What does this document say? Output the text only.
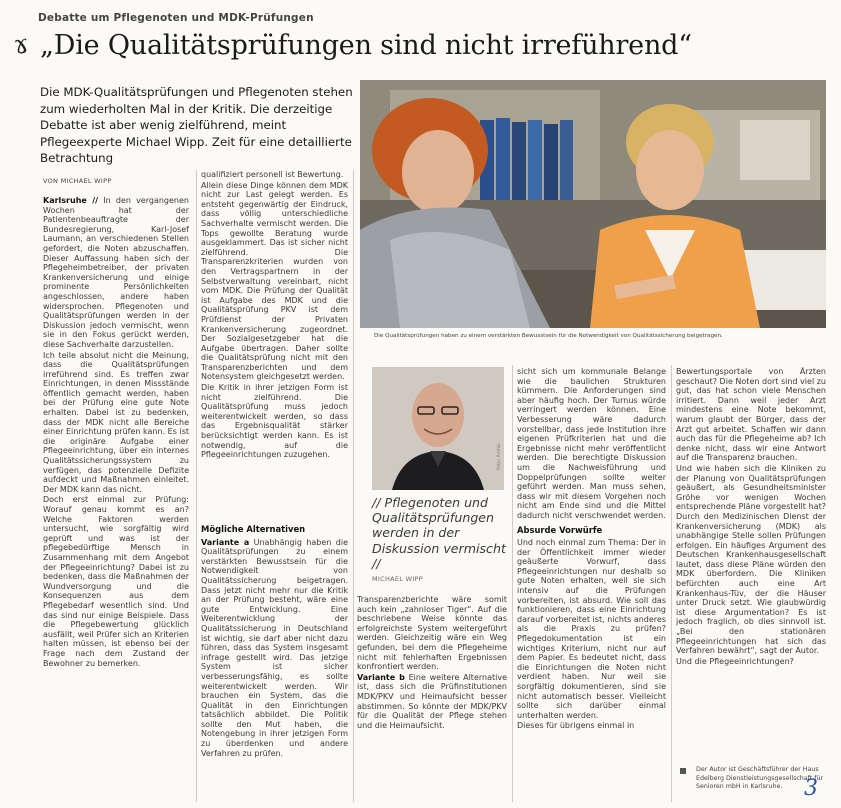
Debatte um Pflegenoten und MDK-Prüfungen
ɤ „Die Qualitätsprüfungen sind nicht irreführend“
Die MDK-Qualitätsprüfungen und Pflegenoten stehen zum wiederholten Mal in der Kritik. Die derzeitige Debatte ist aber wenig zielführend, meint Pflegeexperte Michael Wipp. Zeit für eine detaillierte Betrachtung
Die Qualitätsprüfungen haben zu einem verstärkten Bewusstsein für die Notwendigkeit von Qualitätssicherung beigetragen.
VON MICHAEL WIPP

Karlsruhe // In den vergangenen Wochen hat der Patientenbeauftragte der Bundesregierung, Karl-Josef Laumann, an verschiedenen Stellen gefordert, die Noten abzuschaffen. Dieser Auffassung haben sich der Pflegeheimbetreiber, der privaten Krankenversicherung und einige prominente Persönlichkeiten angeschlossen, andere haben widersprochen. Pflegenoten und Qualitätsprüfungen werden in der Diskussion jedoch vermischt, wenn sie in den Fokus gerückt werden, diese Sachverhalte darzustellen.

Ich teile absolut nicht die Meinung, dass die Qualitätsprüfungen irreführend sind. Es treffen zwar Einrichtungen, in denen Missstände öffentlich gemacht werden, haben bei der Prüfung eine gute Note erhalten. Dabei ist zu bedenken, dass der MDK nicht alle Bereiche einer Einrichtung prüfen kann. Es ist die originäre Aufgabe einer Pflegeeinrichtung, über ein internes Qualitätssicherungssystem zu verfügen, das potenzielle Defizite aufdeckt und Maßnahmen einleitet. Der MDK kann das nicht.

Doch erst einmal zur Prüfung: Worauf genau kommt es an? Welche Faktoren werden untersucht, wie sorgfältig wird geprüft und was ist der pflegebedürftige Mensch in Zusammenhang mit dem Angebot der Pflegeeinrichtung? Dabei ist zu bedenken, dass die Maßnahmen der Wundversorgung und die Konsequenzen aus dem Pflegebedarf wesentlich sind. Und das sind nur einige Beispiele. Dass die Pflegebewertung glücklich ausfällt, weil Prüfer sich an Kriterien halten müssen, ist ebenso bei der Frage nach dem Zustand der Bewohner zu bemerken.

qualifiziert personell ist Bewertung.

Allein diese Dinge können dem MDK nicht zur Last gelegt werden. Es entsteht gegenwärtig der Eindruck, dass völlig unterschiedliche Sachverhalte vermischt werden. Die Tops gewollte Beratung wurde ausgeklammert. Das ist sicher nicht zielführend. Die Transparenzkriterien wurden von den Vertragspartnern in der Selbstverwaltung vereinbart, nicht vom MDK. Die Prüfung der Qualität ist Aufgabe des MDK und die Qualitätsprüfung PKV ist dem Prüfdienst der Privaten Krankenversicherung zugeordnet. Der Sozialgesetzgeber hat die Aufgabe übertragen. Daher sollte die Qualitätsprüfung nicht mit den Transparenzberichten und dem Notensystem gleichgesetzt werden.

Die Kritik in ihrer jetzigen Form ist nicht zielführend. Die Qualitätsprüfung muss jedoch weiterentwickelt werden, so dass das Ergebnisqualität stärker berücksichtigt werden kann. Es ist notwendig, auf die Pflegeeinrichtungen zuzugehen.

Mögliche Alternativen

Variante a Unabhängig haben die Qualitätsprüfungen zu einem verstärkten Bewusstsein für die Notwendigkeit von Qualitätssicherung beigetragen. Dass jetzt nicht mehr nur die Kritik an der Prüfung besteht, wäre eine gute Entwicklung. Eine Weiterentwicklung der Qualitätssicherung in Deutschland ist wichtig, sie darf aber nicht dazu führen, dass das System insgesamt infrage gestellt wird. Das jetzige System ist sicher verbesserungsfähig, es sollte weiterentwickelt werden. Wir brauchen ein System, das die Qualität in den Einrichtungen tatsächlich abbildet. Die Politik sollte den Mut haben, die Notengebung in ihrer jetzigen Form zu überdenken und andere Verfahren zu prüfen.

Foto: Archiv
// Pflegenoten und Qualitätsprüfungen werden in der Diskussion vermischt //
MICHAEL WIPP

Transparenzberichte wäre somit auch kein „zahnloser Tiger“. Auf die beschriebene Weise könnte das erfolgreichste System weitergeführt werden. Gleichzeitig wäre ein Weg gefunden, bei dem die Pflegeheime nicht mit fehlerhaften Ergebnissen konfrontiert werden.

Variante b Eine weitere Alternative ist, dass sich die Prüfinstitutionen MDK/PKV und Heimaufsicht besser abstimmen. So könnte der MDK/PKV für die Qualität der Pflege stehen und die Heimaufsicht.

sicht sich um kommunale Belange wie die baulichen Strukturen kümmern. Die Anforderungen sind aber häufig hoch. Der Turnus würde verringert werden können. Eine Verbesserung wäre dadurch vorstellbar, dass jede Institution ihre eigenen Prüfkriterien hat und die Ergebnisse nicht mehr veröffentlicht werden. Die berechtigte Diskussion um die Nachweisführung und Doppelprüfungen sollte weiter geführt werden. Man muss sehen, dass wir mit diesem Vorgehen noch nicht am Ende sind und die Mittel dadurch nicht verschwendet werden.

Absurde Vorwürfe

Und noch einmal zum Thema: Der in der Öffentlichkeit immer wieder geäußerte Vorwurf, dass Pflegeeinrichtungen nur deshalb so gute Noten erhalten, weil sie sich intensiv auf die Prüfungen vorbereiten, ist absurd. Wie soll das funktionieren, dass eine Einrichtung darauf vorbereitet ist, nichts anderes als die Praxis zu prüfen? Pflegedokumentation ist ein wichtiges Kriterium, nicht nur auf dem Papier. Es bedeutet nicht, dass die Einrichtungen die Noten nicht verdient haben. Nur weil sie sorgfältig dokumentieren, sind sie nicht automatisch besser. Vielleicht sollte sich darüber einmal unterhalten werden.

Dieses für übrigens einmal in

Bewertungsportale von Ärzten geschaut? Die Noten dort sind viel zu gut, das hat schon viele Menschen irritiert. Dann weil jeder Arzt mindestens eine Note bekommt, warum glaubt der Bürger, dass der Arzt gut arbeitet. Schaffen wir dann auch das für die Pflegeheime ab? Ich denke nicht, dass wir eine Antwort auf die Transparenz brauchen.

Und wie haben sich die Kliniken zu der Planung von Qualitätsprüfungen geäußert, als Gesundheitsminister Gröhe vor wenigen Wochen entsprechende Pläne vorgestellt hat? Durch den Medizinischen Dienst der Krankenversicherung (MDK) als unabhängige Stelle sollen Prüfungen erfolgen. Ein häufiges Argument des Deutschen Krankenhausgesellschaft lautet, dass diese Pläne würden den MDK überfordern. Die Kliniken befürchten auch eine Art Krankenhaus-Tüv, der die Häuser unter Druck setzt. Wie glaubwürdig ist diese Argumentation? Es ist jedoch fraglich, ob dies sinnvoll ist. „Bei den stationären Pflegeeinrichtungen hat sich das Verfahren bewährt“, sagt der Autor.

Und die Pflegeeinrichtungen?

Der Autor ist Geschäftsführer der Haus Edelberg Dienstleistungsgesellschaft für Senioren mbH in Karlsruhe. 3
